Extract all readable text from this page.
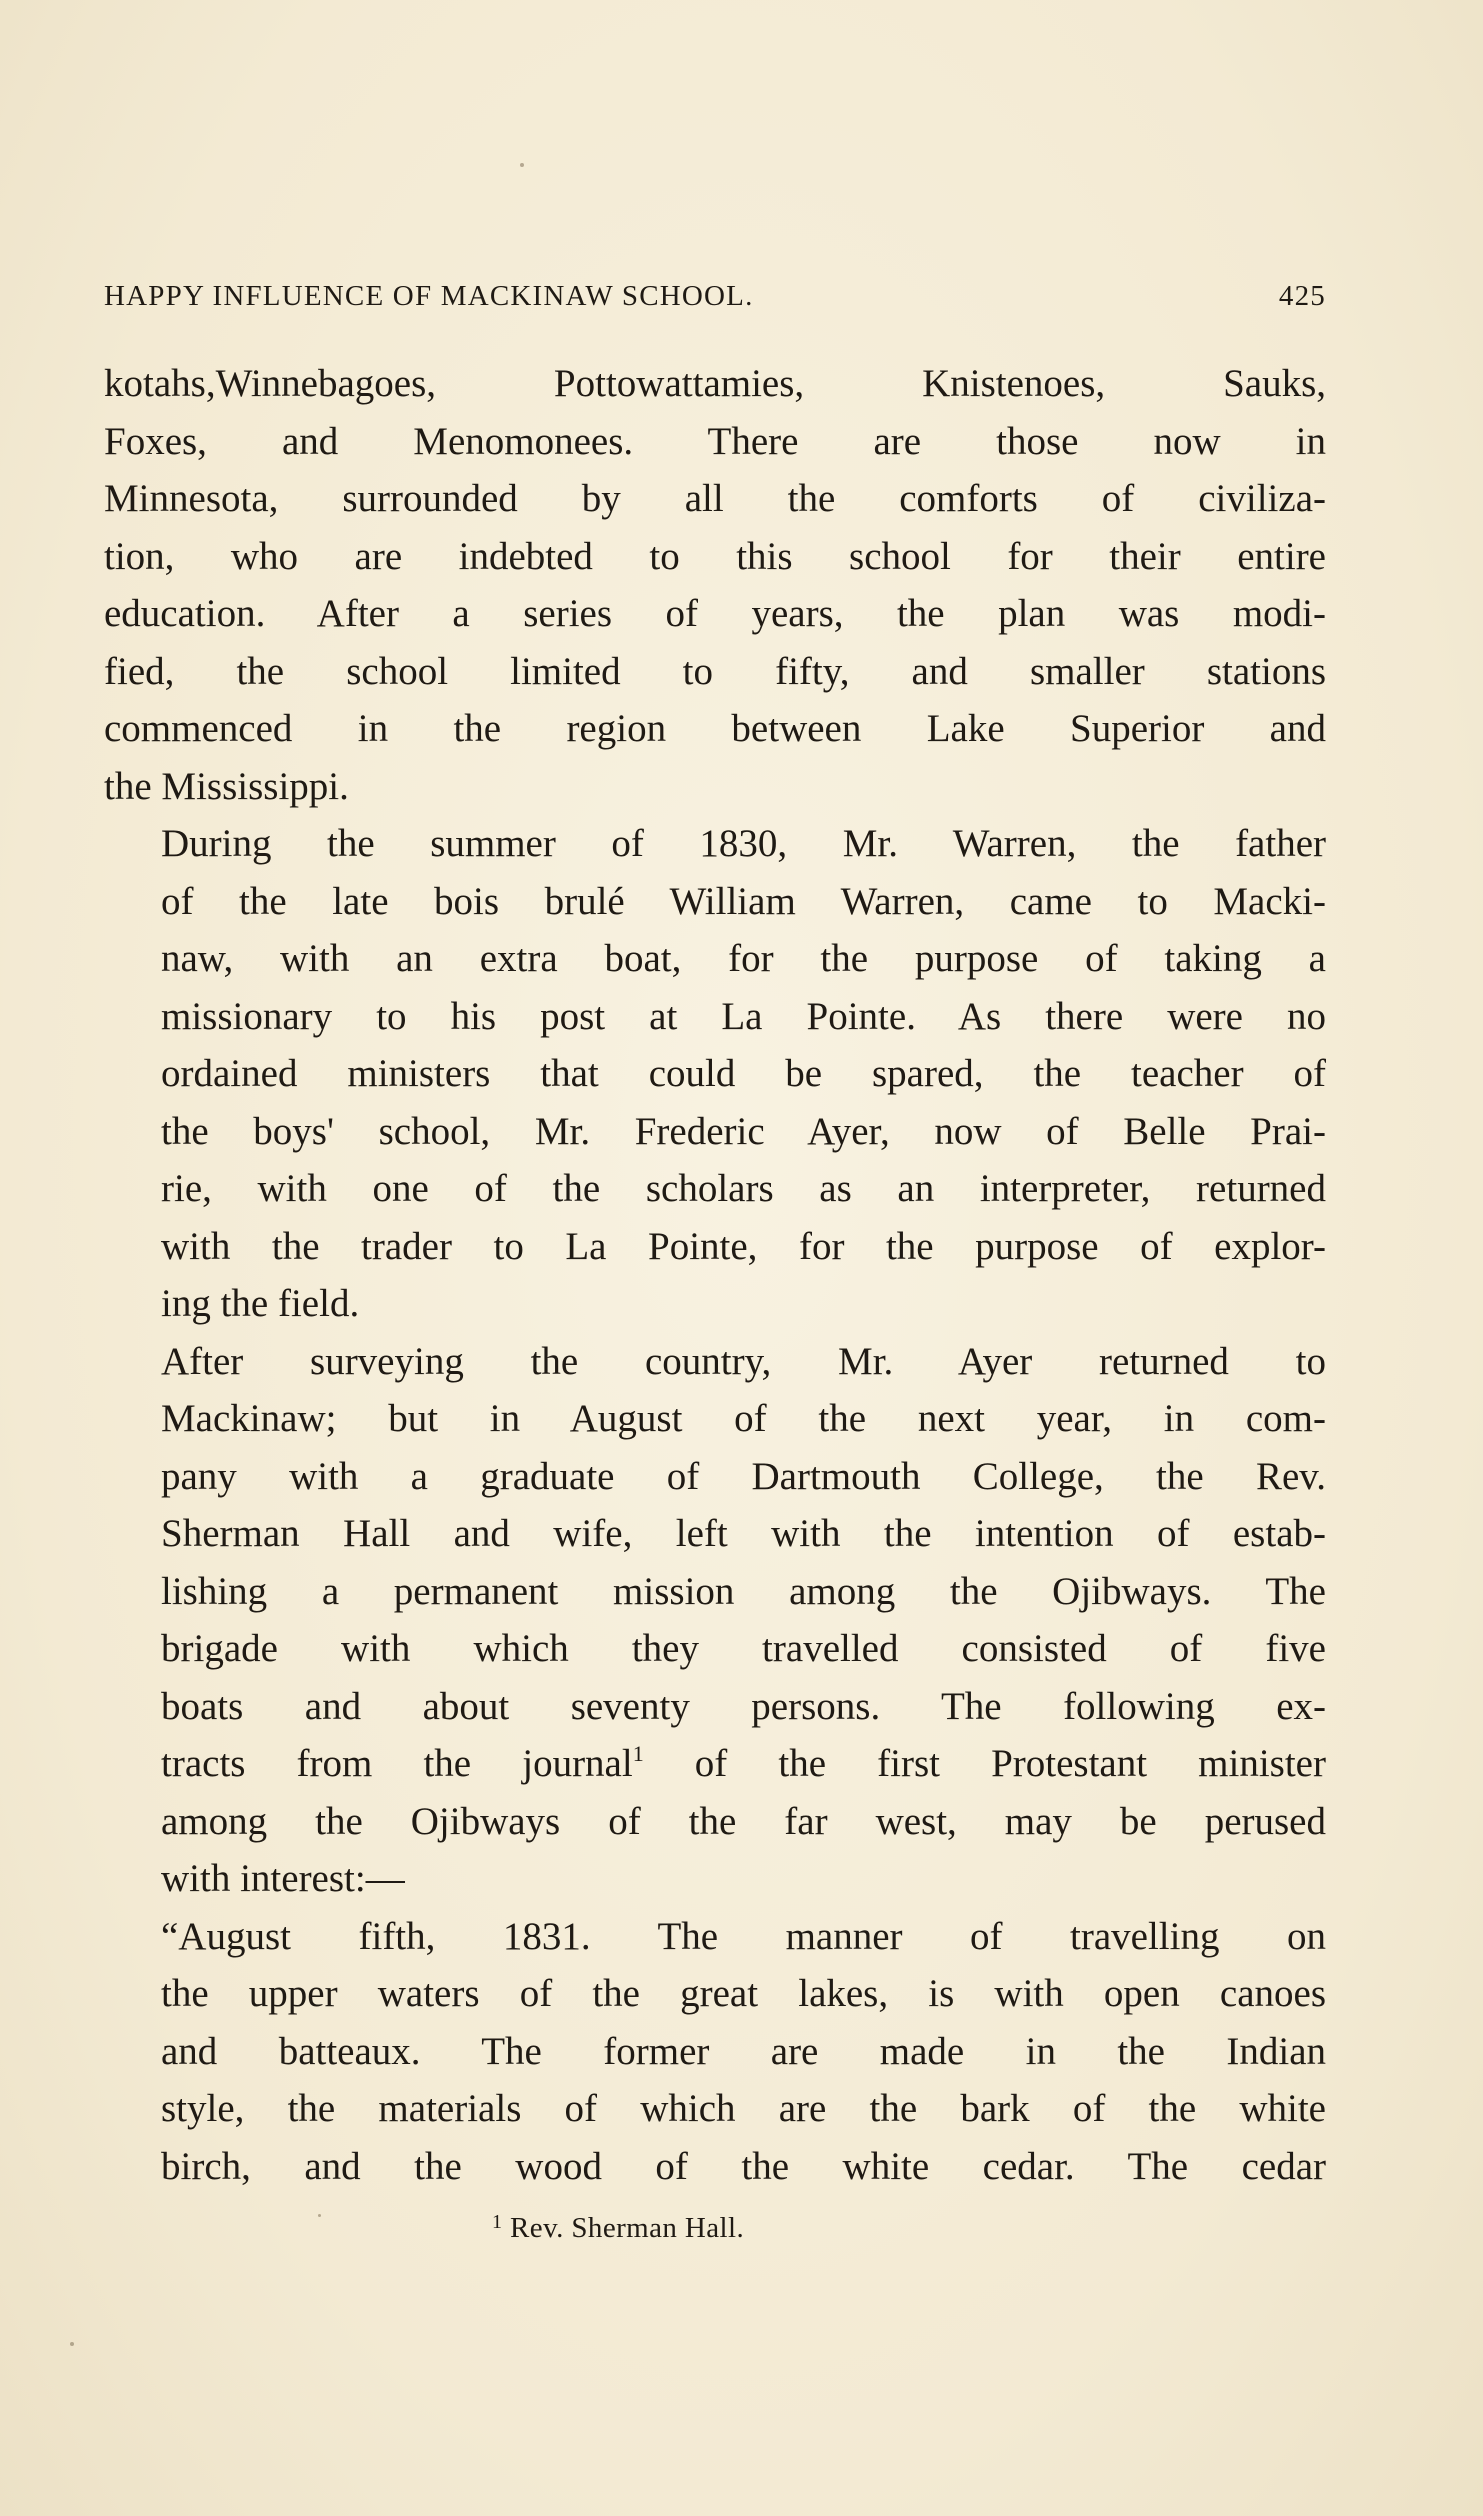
HAPPY INFLUENCE OF MACKINAW SCHOOL.	425

kotahs,Winnebagoes, Pottowattamies, Knistenoes, Sauks,
Foxes, and Menomonees. There are those now in
Minnesota, surrounded by all the comforts of civiliza-
tion, who are indebted to this school for their entire
education. After a series of years, the plan was modi-
fied, the school limited to fifty, and smaller stations
commenced in the region between Lake Superior and
the Mississippi.

During the summer of 1830, Mr. Warren, the father
of the late bois brulé William Warren, came to Macki-
naw, with an extra boat, for the purpose of taking a
missionary to his post at La Pointe. As there were no
ordained ministers that could be spared, the teacher of
the boys' school, Mr. Frederic Ayer, now of Belle Prai-
rie, with one of the scholars as an interpreter, returned
with the trader to La Pointe, for the purpose of explor-
ing the field.

After surveying the country, Mr. Ayer returned to
Mackinaw; but in August of the next year, in com-
pany with a graduate of Dartmouth College, the Rev.
Sherman Hall and wife, left with the intention of estab-
lishing a permanent mission among the Ojibways. The
brigade with which they travelled consisted of five
boats and about seventy persons. The following ex-
tracts from the journal$^1$ of the first Protestant minister
among the Ojibways of the far west, may be perused
with interest:—

“August fifth, 1831. The manner of travelling on
the upper waters of the great lakes, is with open canoes
and batteaux. The former are made in the Indian
style, the materials of which are the bark of the white
birch, and the wood of the white cedar. The cedar

$^1$ Rev. Sherman Hall.
